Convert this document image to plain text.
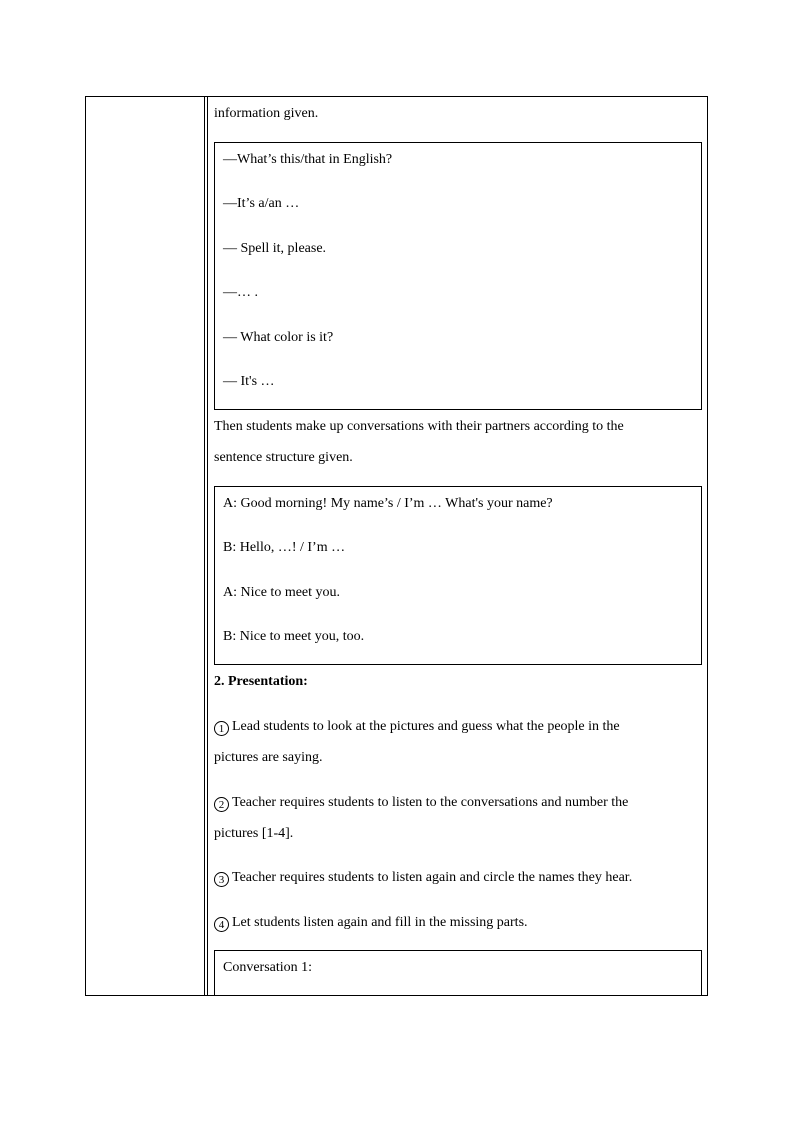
information given.
—What’s this/that in English?
—It’s a/an …
— Spell it, please.
—… .
— What color is it?
— It's …
Then students make up conversations with their partners according to the
sentence structure given.
A: Good morning! My name’s / I’m … What's your name?
B: Hello, …! / I’m …
A: Nice to meet you.
B: Nice to meet you, too.
2. Presentation:
1 Lead students to look at the pictures and guess what the people in the
pictures are saying.
2 Teacher requires students to listen to the conversations and number the
pictures [1-4].
3 Teacher requires students to listen again and circle the names they hear.
4 Let students listen again and fill in the missing parts.
Conversation 1:
